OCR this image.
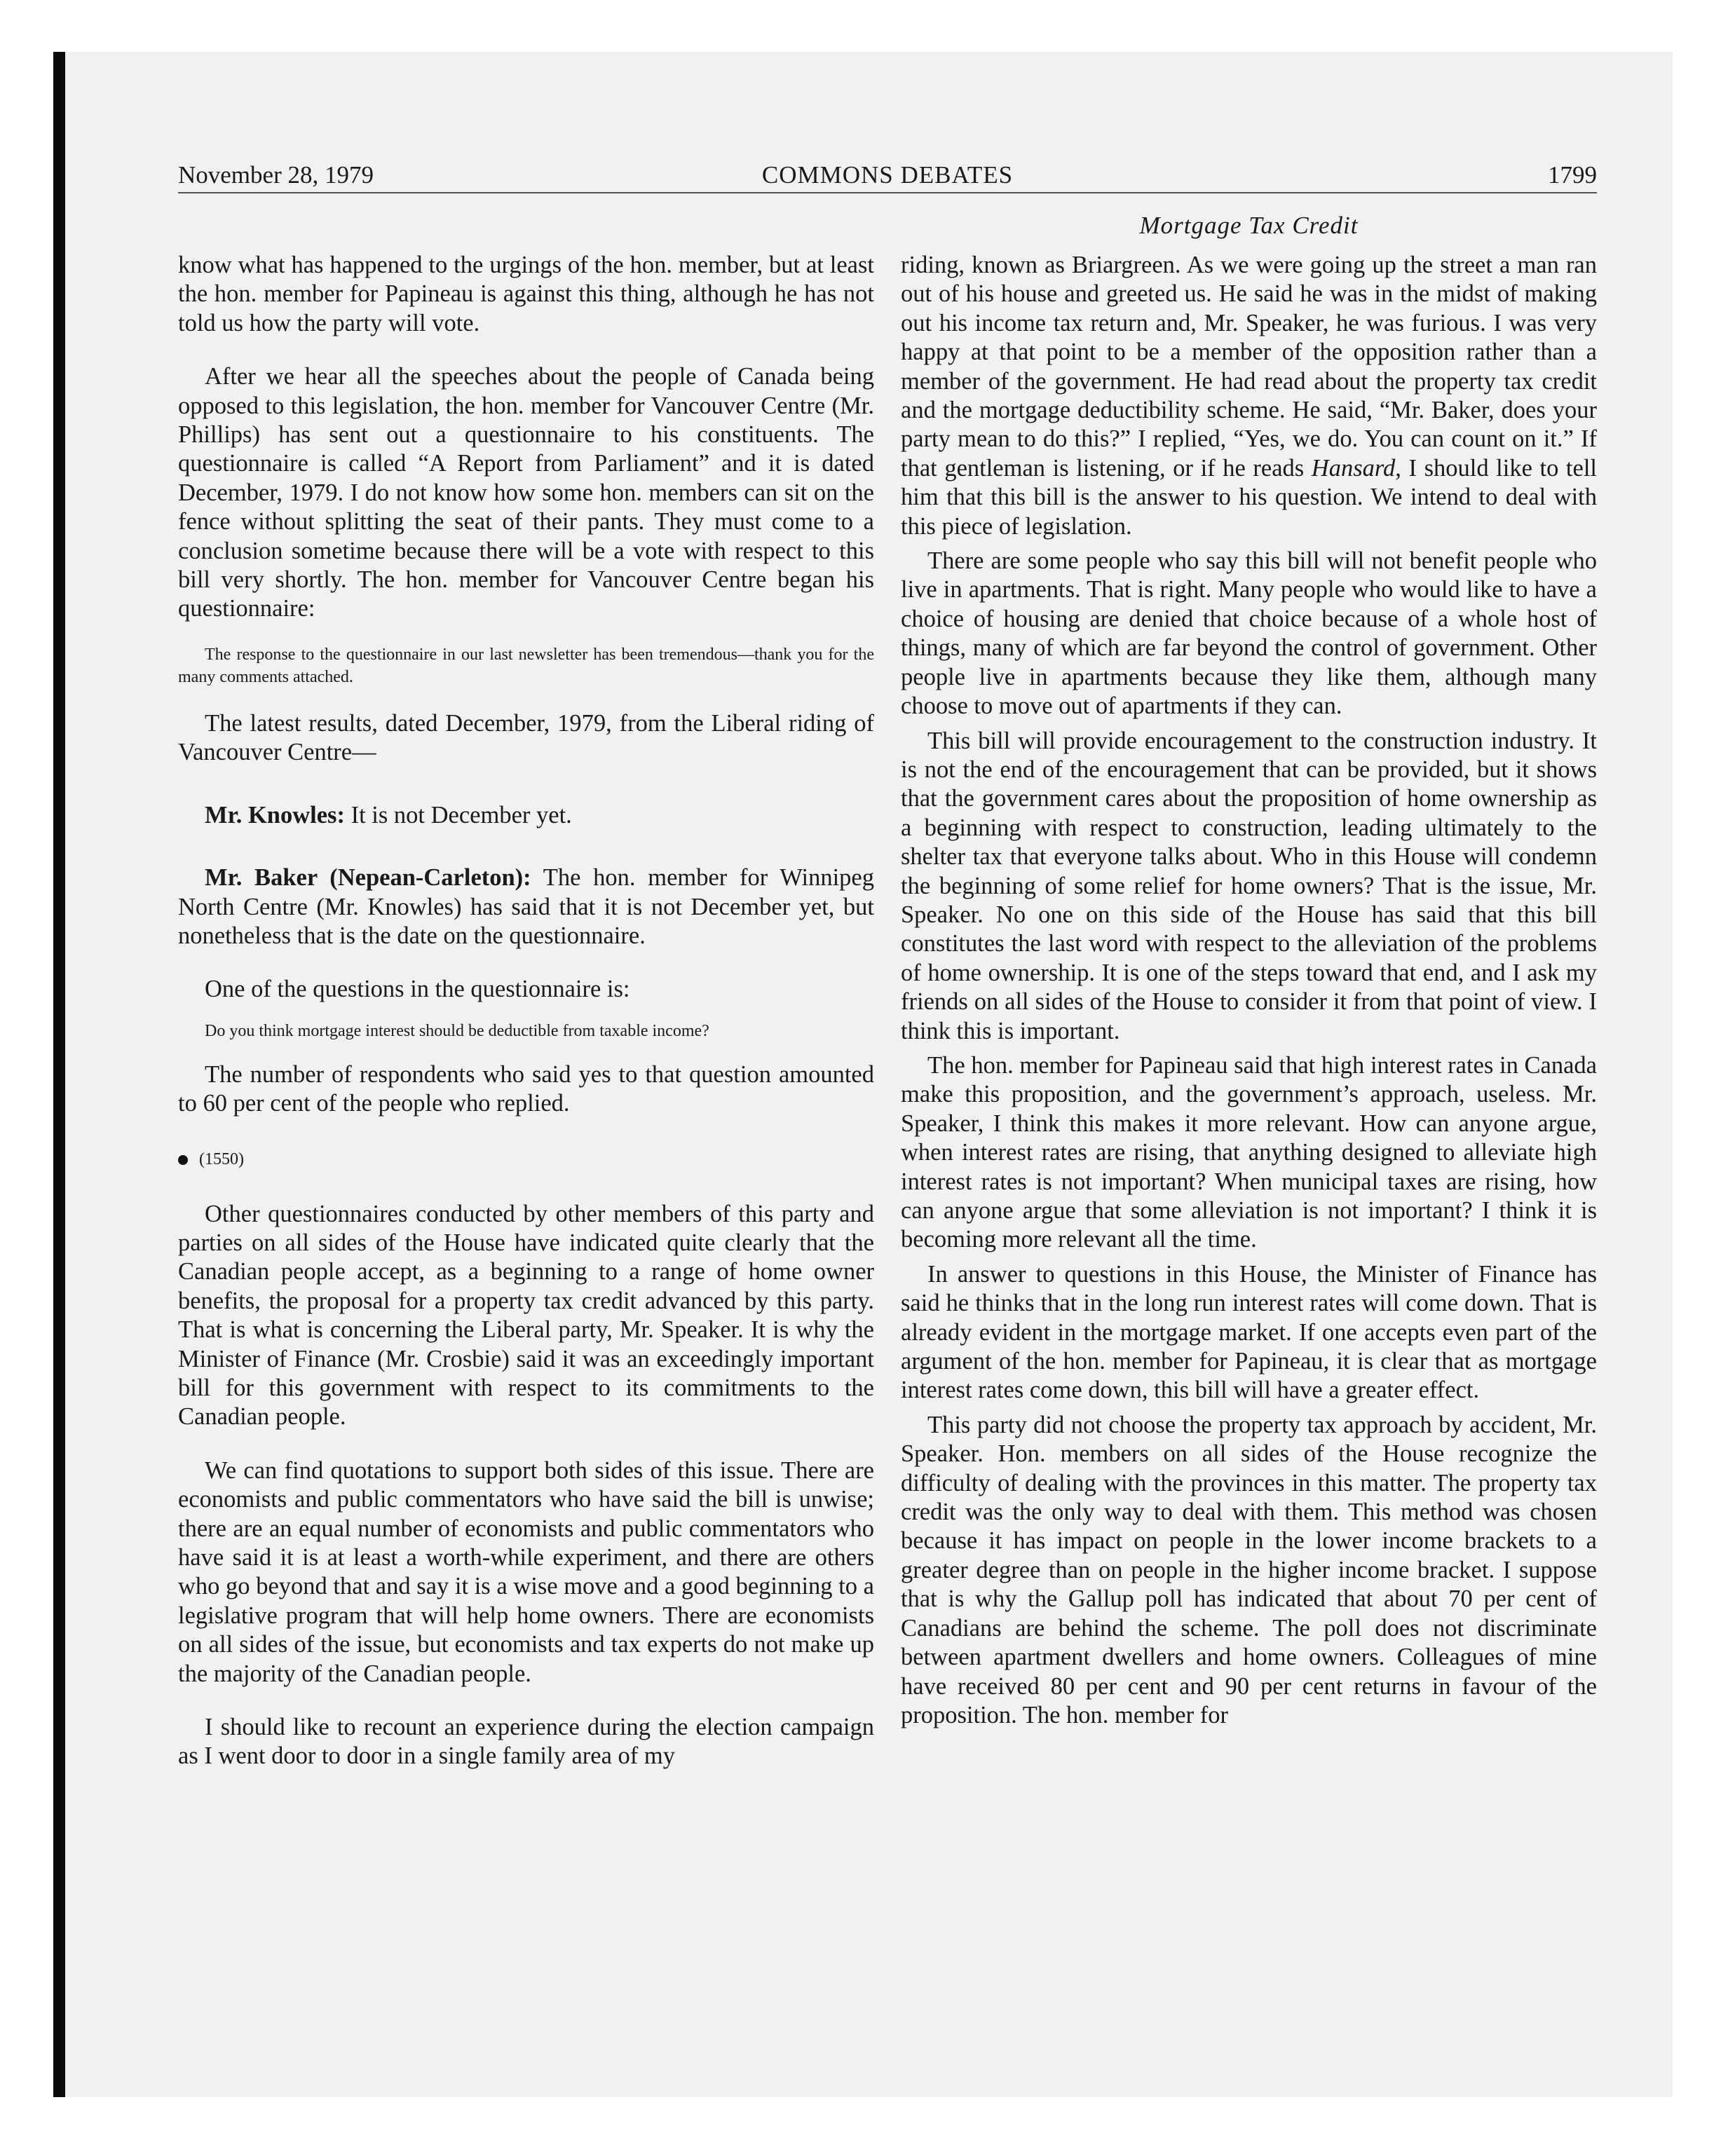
November 28, 1979	COMMONS DEBATES	1799
Mortgage Tax Credit

know what has happened to the urgings of the hon. member, but at least the hon. member for Papineau is against this thing, although he has not told us how the party will vote.

After we hear all the speeches about the people of Canada being opposed to this legislation, the hon. member for Vancouver Centre (Mr. Phillips) has sent out a questionnaire to his constituents. The questionnaire is called “A Report from Parliament” and it is dated December, 1979. I do not know how some hon. members can sit on the fence without splitting the seat of their pants. They must come to a conclusion sometime because there will be a vote with respect to this bill very shortly. The hon. member for Vancouver Centre began his questionnaire:

The response to the questionnaire in our last newsletter has been tremendous—thank you for the many comments attached.

The latest results, dated December, 1979, from the Liberal riding of Vancouver Centre—

Mr. Knowles: It is not December yet.

Mr. Baker (Nepean-Carleton): The hon. member for Winnipeg North Centre (Mr. Knowles) has said that it is not December yet, but nonetheless that is the date on the questionnaire.

One of the questions in the questionnaire is:

Do you think mortgage interest should be deductible from taxable income?

The number of respondents who said yes to that question amounted to 60 per cent of the people who replied.

(1550)

Other questionnaires conducted by other members of this party and parties on all sides of the House have indicated quite clearly that the Canadian people accept, as a beginning to a range of home owner benefits, the proposal for a property tax credit advanced by this party. That is what is concerning the Liberal party, Mr. Speaker. It is why the Minister of Finance (Mr. Crosbie) said it was an exceedingly important bill for this government with respect to its commitments to the Canadian people.

We can find quotations to support both sides of this issue. There are economists and public commentators who have said the bill is unwise; there are an equal number of economists and public commentators who have said it is at least a worth-while experiment, and there are others who go beyond that and say it is a wise move and a good beginning to a legislative program that will help home owners. There are economists on all sides of the issue, but economists and tax experts do not make up the majority of the Canadian people.

I should like to recount an experience during the election campaign as I went door to door in a single family area of my

riding, known as Briargreen. As we were going up the street a man ran out of his house and greeted us. He said he was in the midst of making out his income tax return and, Mr. Speaker, he was furious. I was very happy at that point to be a member of the opposition rather than a member of the government. He had read about the property tax credit and the mortgage deductibility scheme. He said, “Mr. Baker, does your party mean to do this?” I replied, “Yes, we do. You can count on it.” If that gentleman is listening, or if he reads Hansard, I should like to tell him that this bill is the answer to his question. We intend to deal with this piece of legislation.

There are some people who say this bill will not benefit people who live in apartments. That is right. Many people who would like to have a choice of housing are denied that choice because of a whole host of things, many of which are far beyond the control of government. Other people live in apartments because they like them, although many choose to move out of apartments if they can.

This bill will provide encouragement to the construction industry. It is not the end of the encouragement that can be provided, but it shows that the government cares about the proposition of home ownership as a beginning with respect to construction, leading ultimately to the shelter tax that everyone talks about. Who in this House will condemn the beginning of some relief for home owners? That is the issue, Mr. Speaker. No one on this side of the House has said that this bill constitutes the last word with respect to the alleviation of the problems of home ownership. It is one of the steps toward that end, and I ask my friends on all sides of the House to consider it from that point of view. I think this is important.

The hon. member for Papineau said that high interest rates in Canada make this proposition, and the government’s approach, useless. Mr. Speaker, I think this makes it more relevant. How can anyone argue, when interest rates are rising, that anything designed to alleviate high interest rates is not important? When municipal taxes are rising, how can anyone argue that some alleviation is not important? I think it is becoming more relevant all the time.

In answer to questions in this House, the Minister of Finance has said he thinks that in the long run interest rates will come down. That is already evident in the mortgage market. If one accepts even part of the argument of the hon. member for Papineau, it is clear that as mortgage interest rates come down, this bill will have a greater effect.

This party did not choose the property tax approach by accident, Mr. Speaker. Hon. members on all sides of the House recognize the difficulty of dealing with the provinces in this matter. The property tax credit was the only way to deal with them. This method was chosen because it has impact on people in the lower income brackets to a greater degree than on people in the higher income bracket. I suppose that is why the Gallup poll has indicated that about 70 per cent of Canadians are behind the scheme. The poll does not discriminate between apartment dwellers and home owners. Colleagues of mine have received 80 per cent and 90 per cent returns in favour of the proposition. The hon. member for
